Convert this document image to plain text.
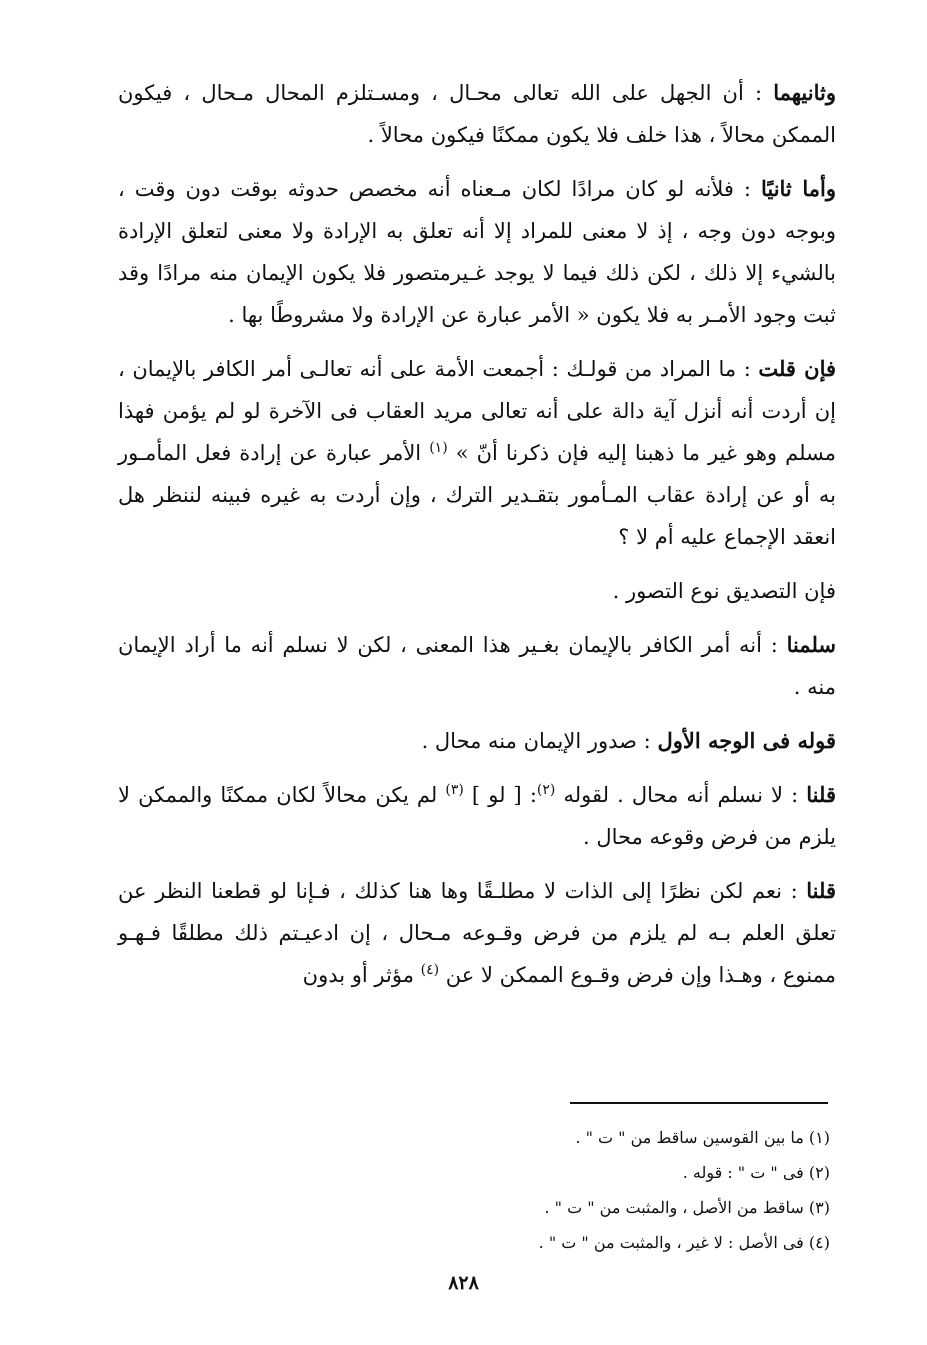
وثانيهما : أن الجهل على الله تعالى محـال ، ومسـتلزم المحال مـحال ، فيكون الممكن محالاً ، هذا خلف فلا يكون ممكنًا فيكون محالاً .

وأما ثانيًا : فلأنه لو كان مرادًا لكان مـعناه أنه مخصص حدوثه بوقت دون وقت ، وبوجه دون وجه ، إذ لا معنى للمراد إلا أنه تعلق به الإرادة ولا معنى لتعلق الإرادة بالشيء إلا ذلك ، لكن ذلك فيما لا يوجد غـيرمتصور فلا يكون الإيمان منه مرادًا وقد ثبت وجود الأمـر به فلا يكون « الأمر عبارة عن الإرادة ولا مشروطًا بها .

فإن قلت : ما المراد من قولـك : أجمعت الأمة على أنه تعالـى أمر الكافر بالإيمان ، إن أردت أنه أنزل آية دالة على أنه تعالى مريد العقاب فى الآخرة لو لم يؤمن فهذا مسلم وهو غير ما ذهبنا إليه فإن ذكرنا أنّ » $^{(١)}$ الأمر عبارة عن إرادة فعل المأمـور به أو عن إرادة عقاب المـأمور بتقـدير الترك ، وإن أردت به غيره فبينه لننظر هل انعقد الإجماع عليه أم لا ؟

فإن التصديق نوع التصور .

سلمنا : أنه أمر الكافر بالإيمان بغـير هذا المعنى ، لكن لا نسلم أنه ما أراد الإيمان منه .

قوله فى الوجه الأول : صدور الإيمان منه محال .

قلنا : لا نسلم أنه محال . لقوله $^{(٢)}$: [ لو ] $^{(٣)}$ لم يكن محالاً لكان ممكنًا والممكن لا يلزم من فرض وقوعه محال .

قلنا : نعم لكن نظرًا إلى الذات لا مطلـقًا وها هنا كذلك ، فـإنا لو قطعنا النظر عن تعلق العلم بـه لم يلزم من فرض وقـوعه مـحال ، إن ادعيـتم ذلك مطلقًا فـهـو ممنوع ، وهـذا وإن فرض وقـوع الممكن لا عن $^{(٤)}$ مؤثر أو بدون

(١) ما بين القوسين ساقط من " ت " .

(٢) فى " ت " : قوله .

(٣) ساقط من الأصل ، والمثبت من " ت " .

(٤) فى الأصل : لا غير ، والمثبت من " ت " .

٨٢٨
